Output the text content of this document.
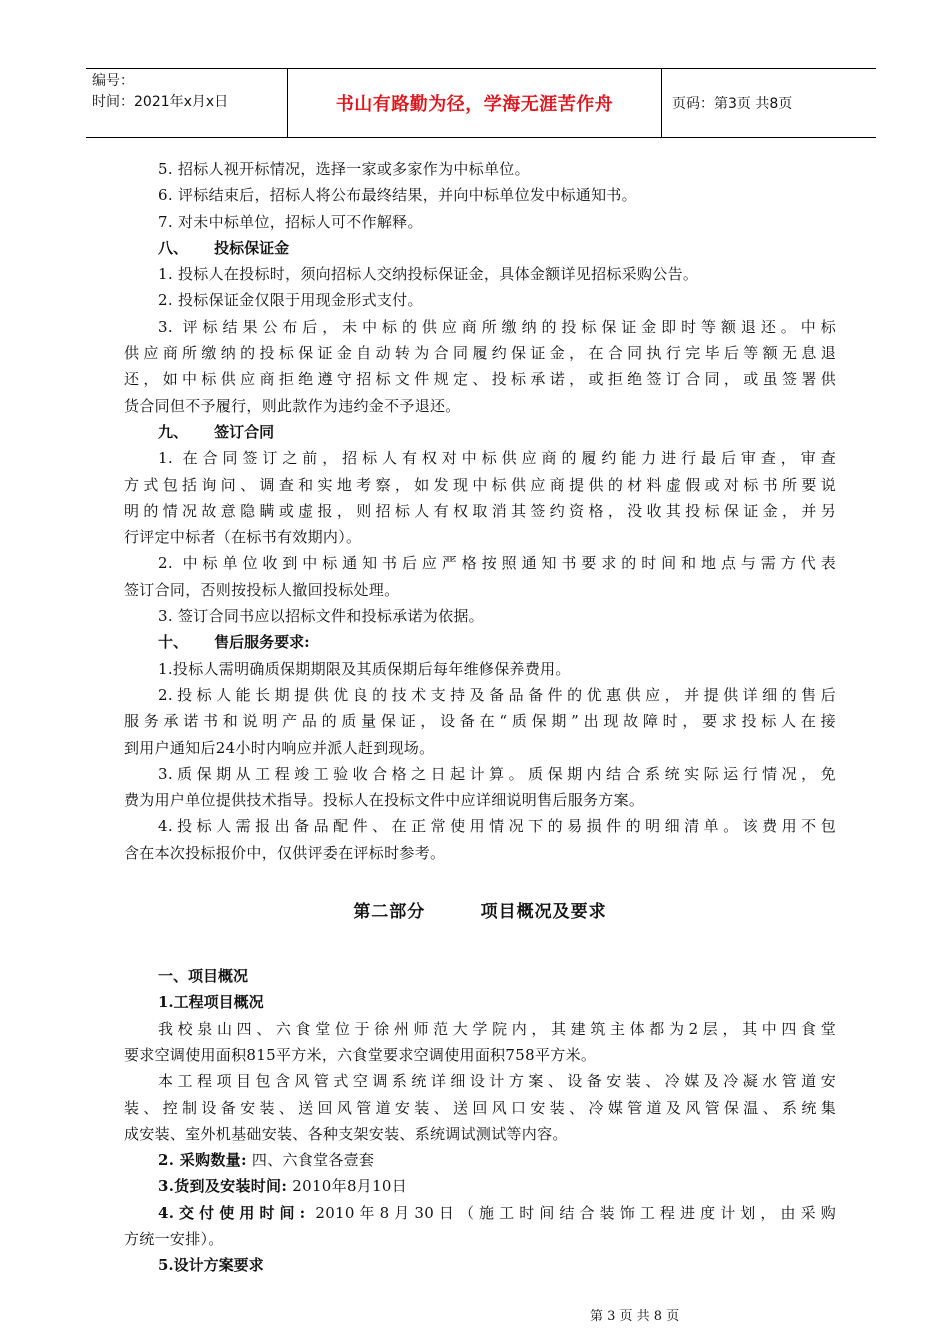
编号：
时间：2021年x月x日	书山有路勤为径，学海无涯苦作舟	页码：第3页 共8页
5. 招标人视开标情况，选择一家或多家作为中标单位。
6. 评标结束后，招标人将公布最终结果，并向中标单位发中标通知书。
7. 对未中标单位，招标人可不作解释。
八、     投标保证金
1. 投标人在投标时，须向招标人交纳投标保证金，具体金额详见招标采购公告。
2. 投标保证金仅限于用现金形式支付。
3. 评标结果公布后，未中标的供应商所缴纳的投标保证金即时等额退还。中标
供应商所缴纳的投标保证金自动转为合同履约保证金，在合同执行完毕后等额无息退
还，如中标供应商拒绝遵守招标文件规定、投标承诺，或拒绝签订合同，或虽签署供
货合同但不予履行，则此款作为违约金不予退还。
九、     签订合同
1. 在合同签订之前，招标人有权对中标供应商的履约能力进行最后审查，审查
方式包括询问、调查和实地考察，如发现中标供应商提供的材料虚假或对标书所要说
明的情况故意隐瞒或虚报，则招标人有权取消其签约资格，没收其投标保证金，并另
行评定中标者（在标书有效期内）。
2. 中标单位收到中标通知书后应严格按照通知书要求的时间和地点与需方代表
签订合同，否则按投标人撤回投标处理。
3. 签订合同书应以招标文件和投标承诺为依据。
十、     售后服务要求:
1.投标人需明确质保期期限及其质保期后每年维修保养费用。
2.投标人能长期提供优良的技术支持及备品备件的优惠供应，并提供详细的售后
服务承诺书和说明产品的质量保证，设备在“质保期”出现故障时，要求投标人在接
到用户通知后24小时内响应并派人赶到现场。
3.质保期从工程竣工验收合格之日起计算。质保期内结合系统实际运行情况，免
费为用户单位提供技术指导。投标人在投标文件中应详细说明售后服务方案。
4.投标人需报出备品配件、在正常使用情况下的易损件的明细清单。该费用不包
含在本次投标报价中，仅供评委在评标时参考。
第二部分        项目概况及要求
一、项目概况
1.工程项目概况
我校泉山四、六食堂位于徐州师范大学院内，其建筑主体都为2层，其中四食堂
要求空调使用面积815平方米，六食堂要求空调使用面积758平方米。
本工程项目包含风管式空调系统详细设计方案、设备安装、冷媒及冷凝水管道安
装、控制设备安装、送回风管道安装、送回风口安装、冷媒管道及风管保温、系统集
成安装、室外机基础安装、各种支架安装、系统调试测试等内容。
2. 采购数量: 四、六食堂各壹套
3.货到及安装时间: 2010年8月10日
4.交付使用时间: 2010年8月30日（施工时间结合装饰工程进度计划，由采购
方统一安排）。
5.设计方案要求
第 3 页 共 8 页
